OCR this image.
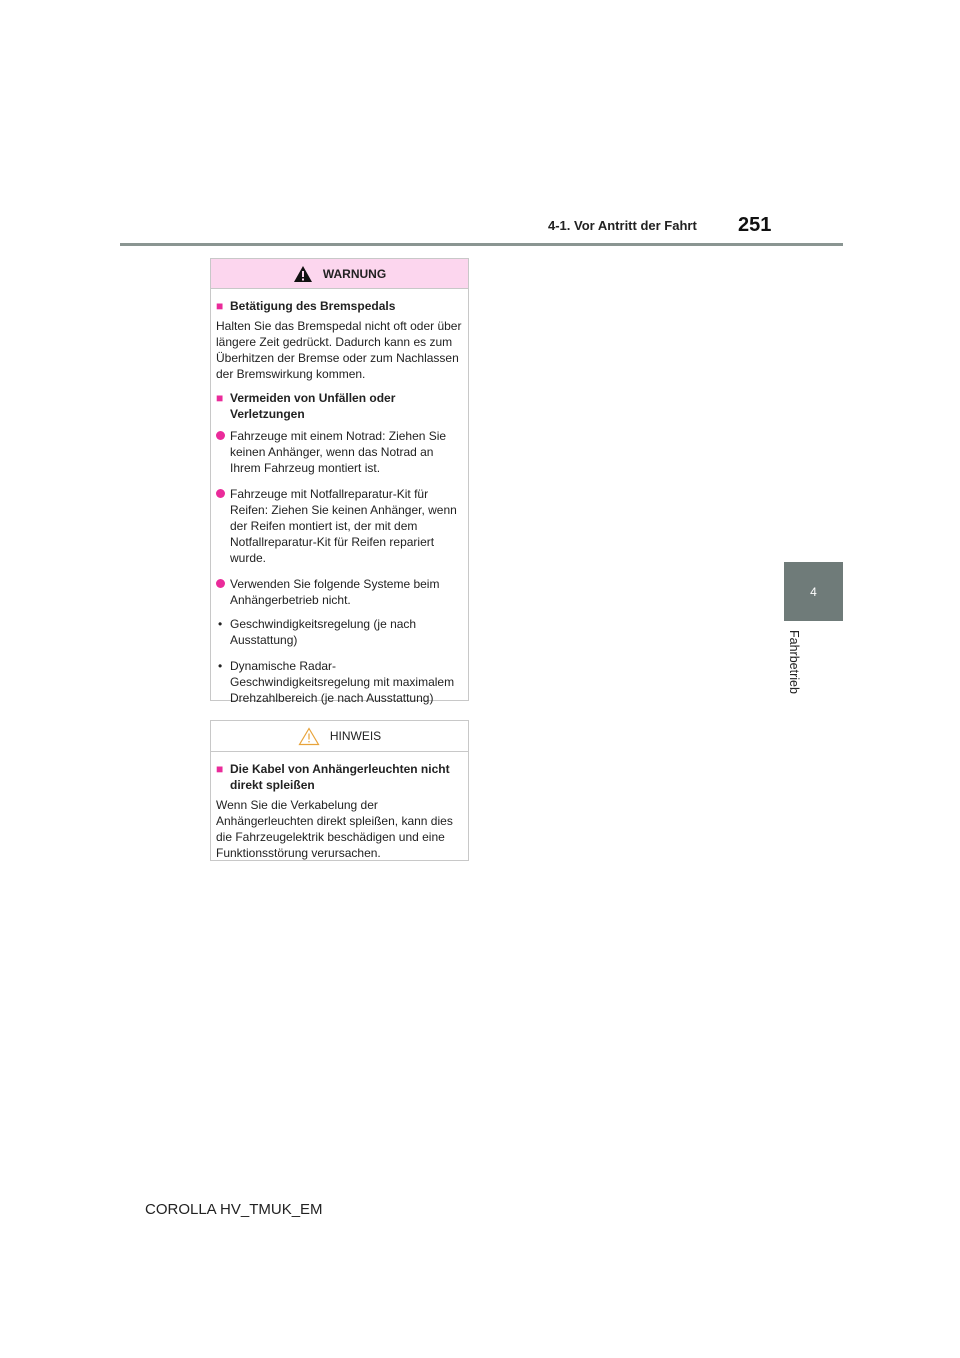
4-1. Vor Antritt der Fahrt 251
4
Fahrbetrieb
WARNUNG
■ Betätigung des Bremspedals
Halten Sie das Bremspedal nicht oft oder über längere Zeit gedrückt. Dadurch kann es zum Überhitzen der Bremse oder zum Nachlassen der Bremswirkung kommen.
■ Vermeiden von Unfällen oder Verletzungen
Fahrzeuge mit einem Notrad: Ziehen Sie keinen Anhänger, wenn das Notrad an Ihrem Fahrzeug montiert ist.
Fahrzeuge mit Notfallreparatur-Kit für Reifen: Ziehen Sie keinen Anhänger, wenn der Reifen montiert ist, der mit dem Notfallreparatur-Kit für Reifen repariert wurde.
Verwenden Sie folgende Systeme beim Anhängerbetrieb nicht.
• Geschwindigkeitsregelung (je nach Ausstattung)
• Dynamische Radar-Geschwindigkeitsregelung mit maximalem Drehzahlbereich (je nach Ausstattung)
HINWEIS
■ Die Kabel von Anhängerleuchten nicht direkt spleißen
Wenn Sie die Verkabelung der Anhängerleuchten direkt spleißen, kann dies die Fahrzeugelektrik beschädigen und eine Funktionsstörung verursachen.
COROLLA HV_TMUK_EM
